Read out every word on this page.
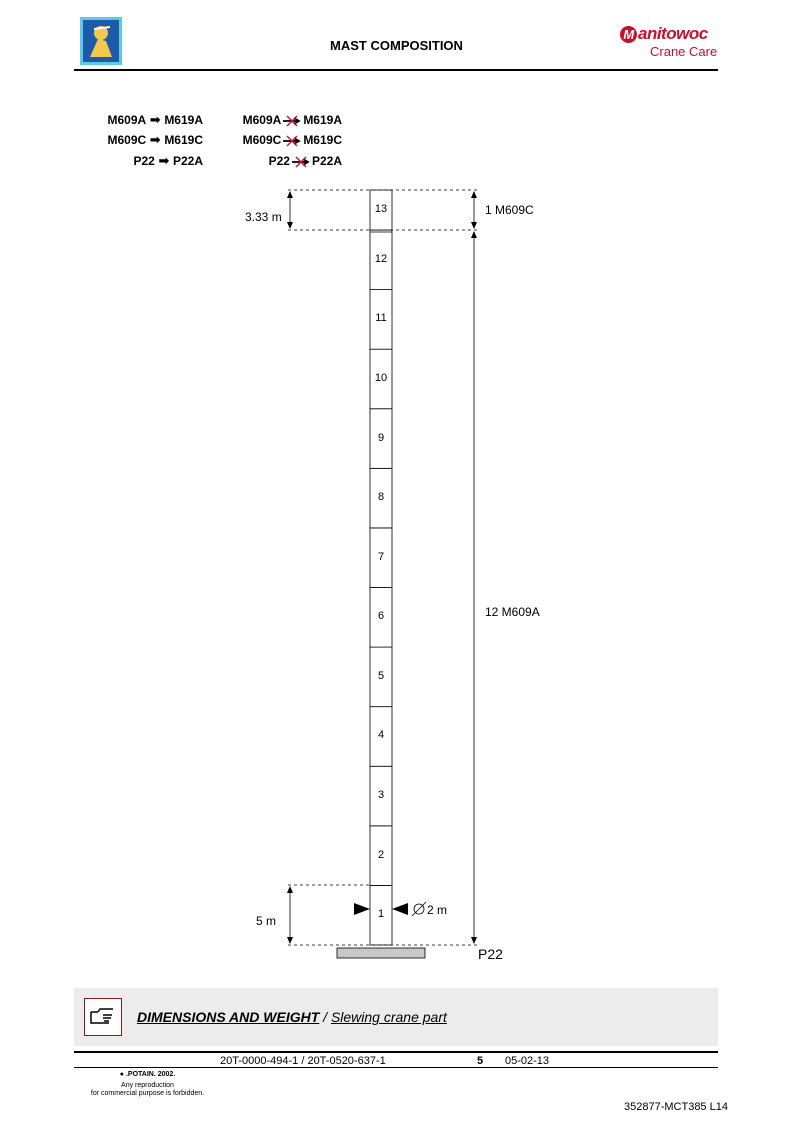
MAST COMPOSITION
M anitowoc
Crane Care
M609A ➡ M619A
M609C ➡ M619C
P22 ➡ P22A
M609A M619A
M609C M619C
P22 P22A
3.33 m
5 m
2 m
1 M609C
12 M609A
P22
1
2
3
4
5
6
7
8
9
10
11
12
13
DIMENSIONS AND WEIGHT / Slewing crane part
20T-0000-494-1 / 20T-0520-637-1	5 05-02-13
● .POTAIN. 2002.
Any reproduction
for commercial purpose is forbidden.
352877-MCT385 L14
